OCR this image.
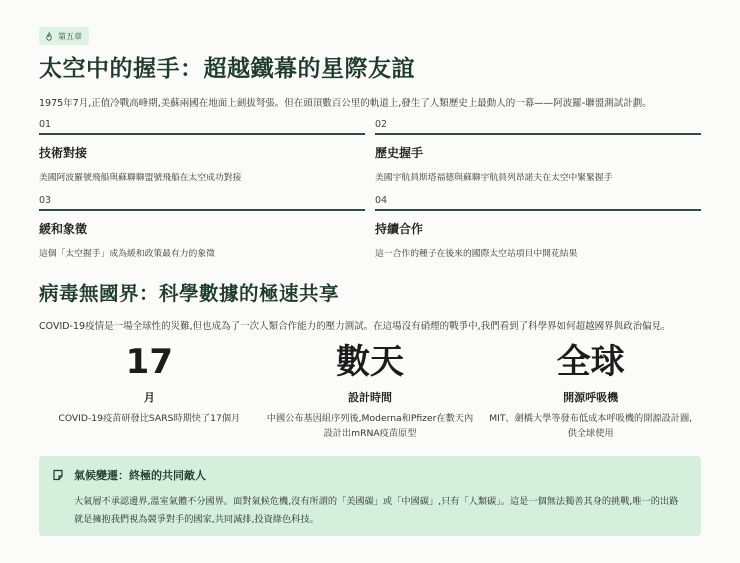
第五章
太空中的握手：超越鐵幕的星際友誼
1975年7月,正值冷戰高峰期,美蘇兩國在地面上劍拔弩張。但在頭頂數百公里的軌道上,發生了人類歷史上最動人的一幕——阿波羅-聯盟測試計劃。
01
技術對接
美國阿波羅號飛船與蘇聯聯盟號飛船在太空成功對接
02
歷史握手
美國宇航員斯塔福德與蘇聯宇航員列昂諾夫在太空中緊緊握手
03
緩和象徵
這個「太空握手」成為緩和政策最有力的象徵
04
持續合作
這一合作的種子在後來的國際太空站項目中開花結果
病毒無國界：科學數據的極速共享
COVID-19疫情是一場全球性的災難,但也成為了一次人類合作能力的壓力測試。在這場沒有硝煙的戰爭中,我們看到了科學界如何超越國界與政治偏見。
17
月
COVID-19疫苗研發比SARS時期快了17個月
數天
設計時間
中國公布基因組序列後,Moderna和Pfizer在數天內設計出mRNA疫苗原型
全球
開源呼吸機
MIT、劍橋大學等發布低成本呼吸機的開源設計圖,供全球使用
氣候變遷：終極的共同敵人
大氣層不承認邊界,溫室氣體不分國界。面對氣候危機,沒有所謂的「美國碳」或「中國碳」,只有「人類碳」。這是一個無法獨善其身的挑戰,唯一的出路就是擁抱我們視為競爭對手的國家,共同減排,投資綠色科技。
